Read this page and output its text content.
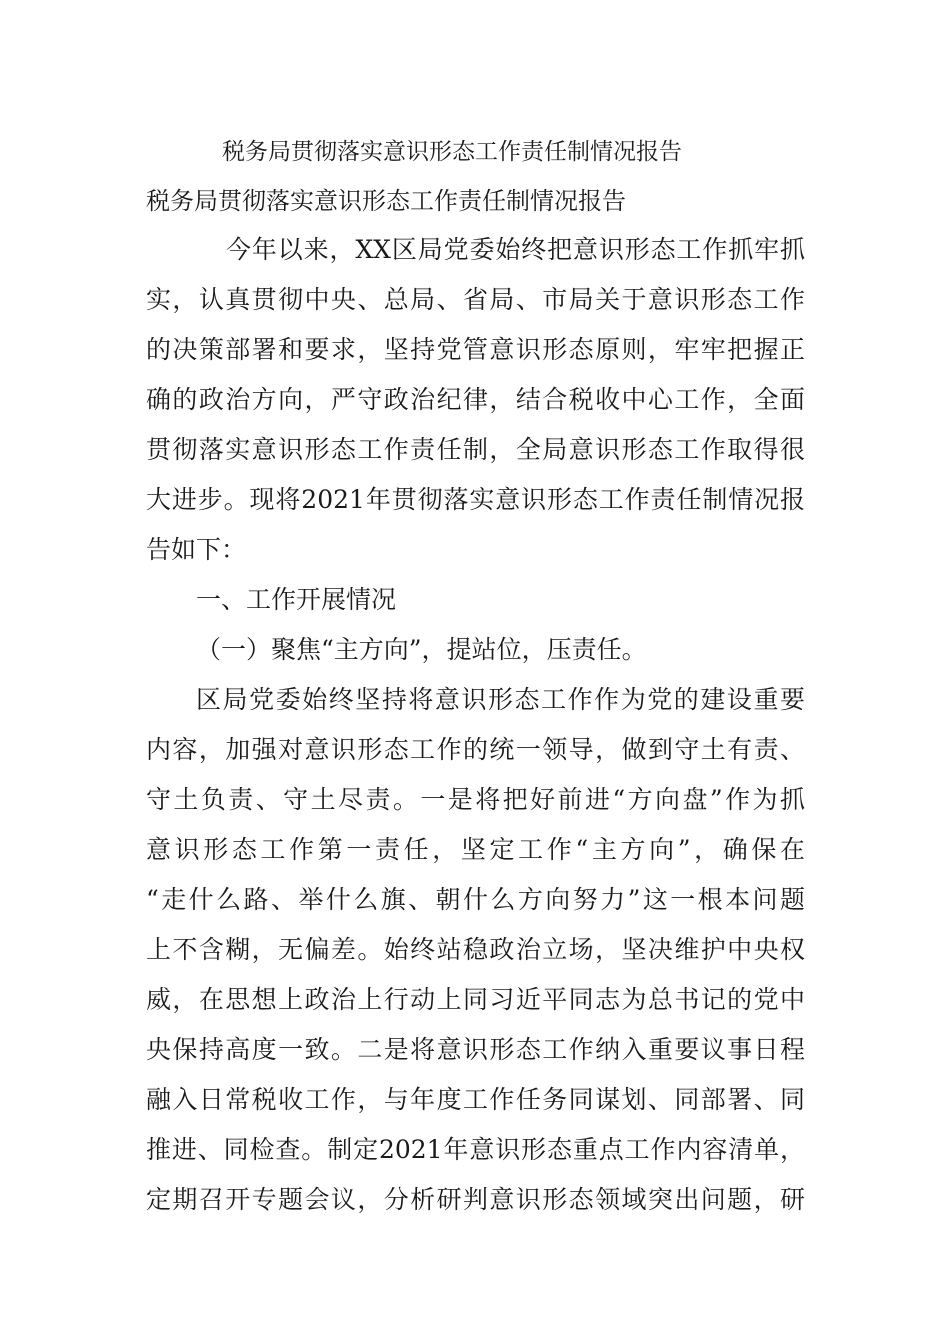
税务局贯彻落实意识形态工作责任制情况报告
税务局贯彻落实意识形态工作责任制情况报告

今年以来，XX区局党委始终把意识形态工作抓牢抓

实，认真贯彻中央、总局、省局、市局关于意识形态工作

的决策部署和要求，坚持党管意识形态原则，牢牢把握正

确的政治方向，严守政治纪律，结合税收中心工作，全面

贯彻落实意识形态工作责任制，全局意识形态工作取得很

大进步。现将2021年贯彻落实意识形态工作责任制情况报

告如下：

一、工作开展情况

（一）聚焦“主方向”，提站位，压责任。

区局党委始终坚持将意识形态工作作为党的建设重要

内容，加强对意识形态工作的统一领导，做到守土有责、

守土负责、守土尽责。一是将把好前进“方向盘”作为抓

意识形态工作第一责任，坚定工作“主方向”，确保在

“走什么路、举什么旗、朝什么方向努力”这一根本问题

上不含糊，无偏差。始终站稳政治立场，坚决维护中央权

威，在思想上政治上行动上同习近平同志为总书记的党中

央保持高度一致。二是将意识形态工作纳入重要议事日程

融入日常税收工作，与年度工作任务同谋划、同部署、同

推进、同检查。制定2021年意识形态重点工作内容清单，

定期召开专题会议，分析研判意识形态领域突出问题，研
